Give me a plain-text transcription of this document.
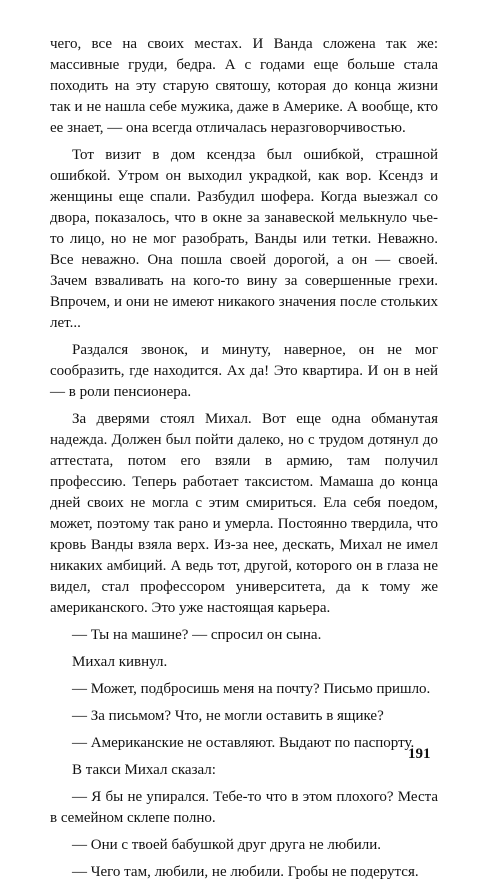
чего, все на своих местах. И Ванда сложена так же: массивные груди, бедра. А с годами еще больше стала походить на эту старую святошу, которая до конца жизни так и не нашла себе мужика, даже в Америке. А вообще, кто ее знает, — она всегда отличалась неразговорчивостью.

Тот визит в дом ксендза был ошибкой, страшной ошибкой. Утром он выходил украдкой, как вор. Ксендз и женщины еще спали. Разбудил шофера. Когда выезжал со двора, показалось, что в окне за занавеской мелькнуло чье-то лицо, но не мог разобрать, Ванды или тетки. Неважно. Все неважно. Она пошла своей дорогой, а он — своей. Зачем взваливать на кого-то вину за совершенные грехи. Впрочем, и они не имеют никакого значения после стольких лет...

Раздался звонок, и минуту, наверное, он не мог сообразить, где находится. Ах да! Это квартира. И он в ней — в роли пенсионера.

За дверями стоял Михал. Вот еще одна обманутая надежда. Должен был пойти далеко, но с трудом дотянул до аттестата, потом его взяли в армию, там получил профессию. Теперь работает таксистом. Мамаша до конца дней своих не могла с этим смириться. Ела себя поедом, может, поэтому так рано и умерла. Постоянно твердила, что кровь Ванды взяла верх. Из-за нее, дескать, Михал не имел никаких амбиций. А ведь тот, другой, которого он в глаза не видел, стал профессором университета, да к тому же американского. Это уже настоящая карьера.

— Ты на машине? — спросил он сына.

Михал кивнул.

— Может, подбросишь меня на почту? Письмо пришло.

— За письмом? Что, не могли оставить в ящике?

— Американские не оставляют. Выдают по паспорту.

В такси Михал сказал:

— Я бы не упирался. Тебе-то что в этом плохого? Места в семейном склепе полно.

— Они с твоей бабушкой друг друга не любили.

— Чего там, любили, не любили. Гробы не подерутся.

191
